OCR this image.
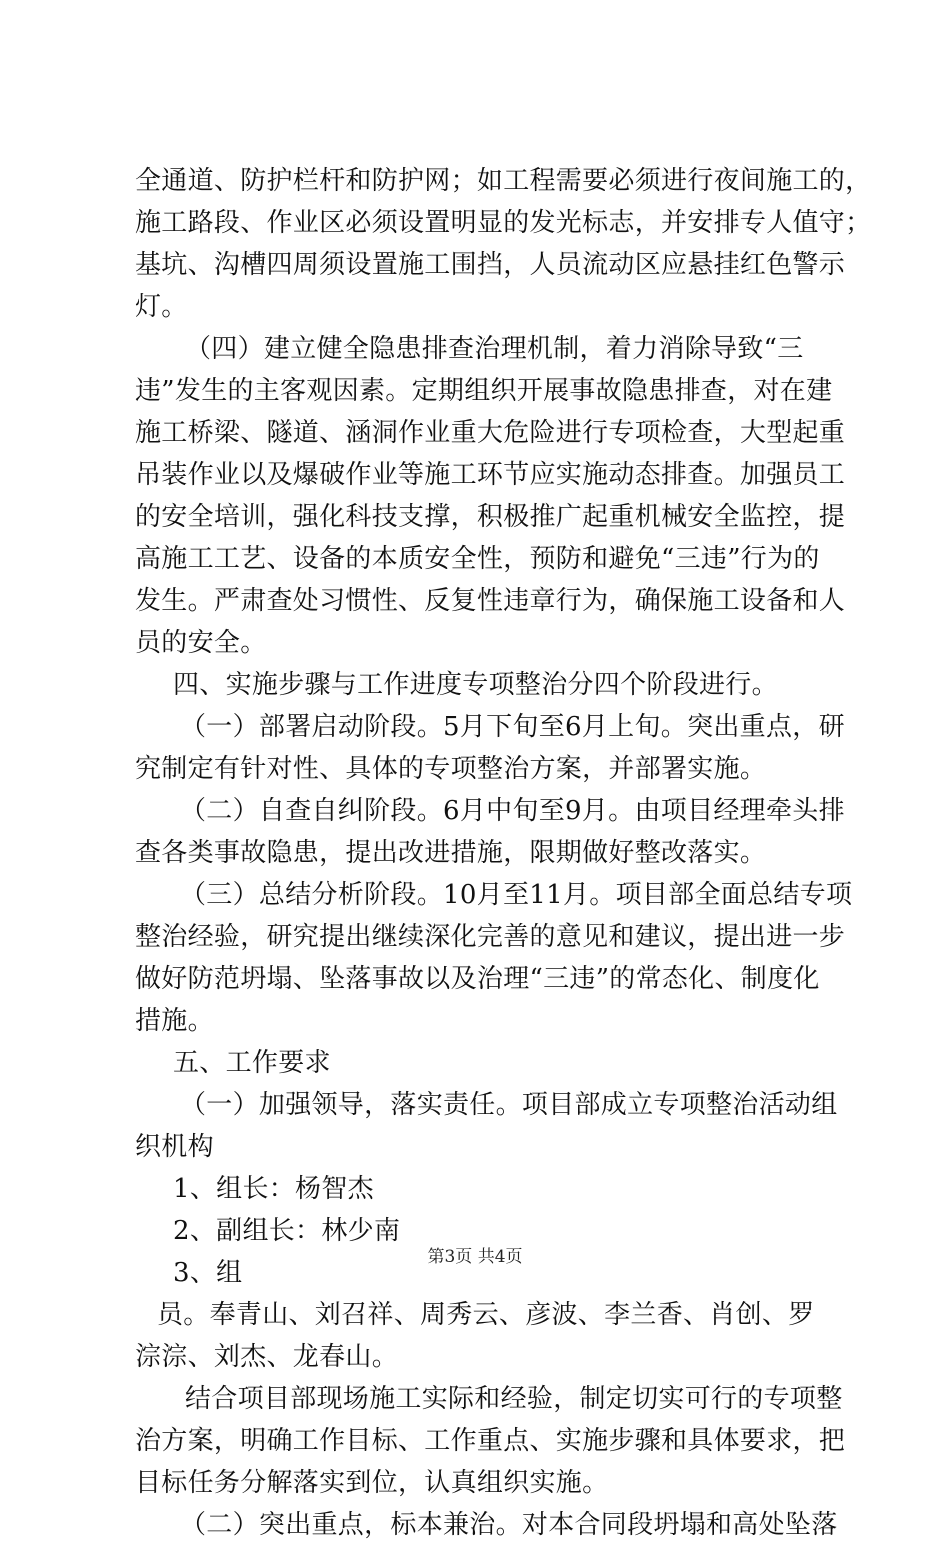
全通道、防护栏杆和防护网；如工程需要必须进行夜间施工的，
施工路段、作业区必须设置明显的发光标志，并安排专人值守；
基坑、沟槽四周须设置施工围挡，人员流动区应悬挂红色警示
灯。
（四）建立健全隐患排查治理机制，着力消除导致“三
违”发生的主客观因素。定期组织开展事故隐患排查，对在建
施工桥梁、隧道、涵洞作业重大危险进行专项检查，大型起重
吊装作业以及爆破作业等施工环节应实施动态排查。加强员工
的安全培训，强化科技支撑，积极推广起重机械安全监控，提
高施工工艺、设备的本质安全性，预防和避免“三违”行为的
发生。严肃查处习惯性、反复性违章行为，确保施工设备和人
员的安全。
四、实施步骤与工作进度专项整治分四个阶段进行。
（一）部署启动阶段。5月下旬至6月上旬。突出重点，研
究制定有针对性、具体的专项整治方案，并部署实施。
（二）自查自纠阶段。6月中旬至9月。由项目经理牵头排
查各类事故隐患，提出改进措施，限期做好整改落实。
（三）总结分析阶段。10月至11月。项目部全面总结专项
整治经验，研究提出继续深化完善的意见和建议，提出进一步
做好防范坍塌、坠落事故以及治理“三违”的常态化、制度化
措施。
五、工作要求
（一）加强领导，落实责任。项目部成立专项整治活动组
织机构
1、组长：杨智杰
2、副组长：林少南
3、组
员。奉青山、刘召祥、周秀云、彦波、李兰香、肖创、罗
淙淙、刘杰、龙春山。
结合项目部现场施工实际和经验，制定切实可行的专项整
治方案，明确工作目标、工作重点、实施步骤和具体要求，把
目标任务分解落实到位，认真组织实施。
（二）突出重点，标本兼治。对本合同段坍塌和高处坠落
第3页 共4页
